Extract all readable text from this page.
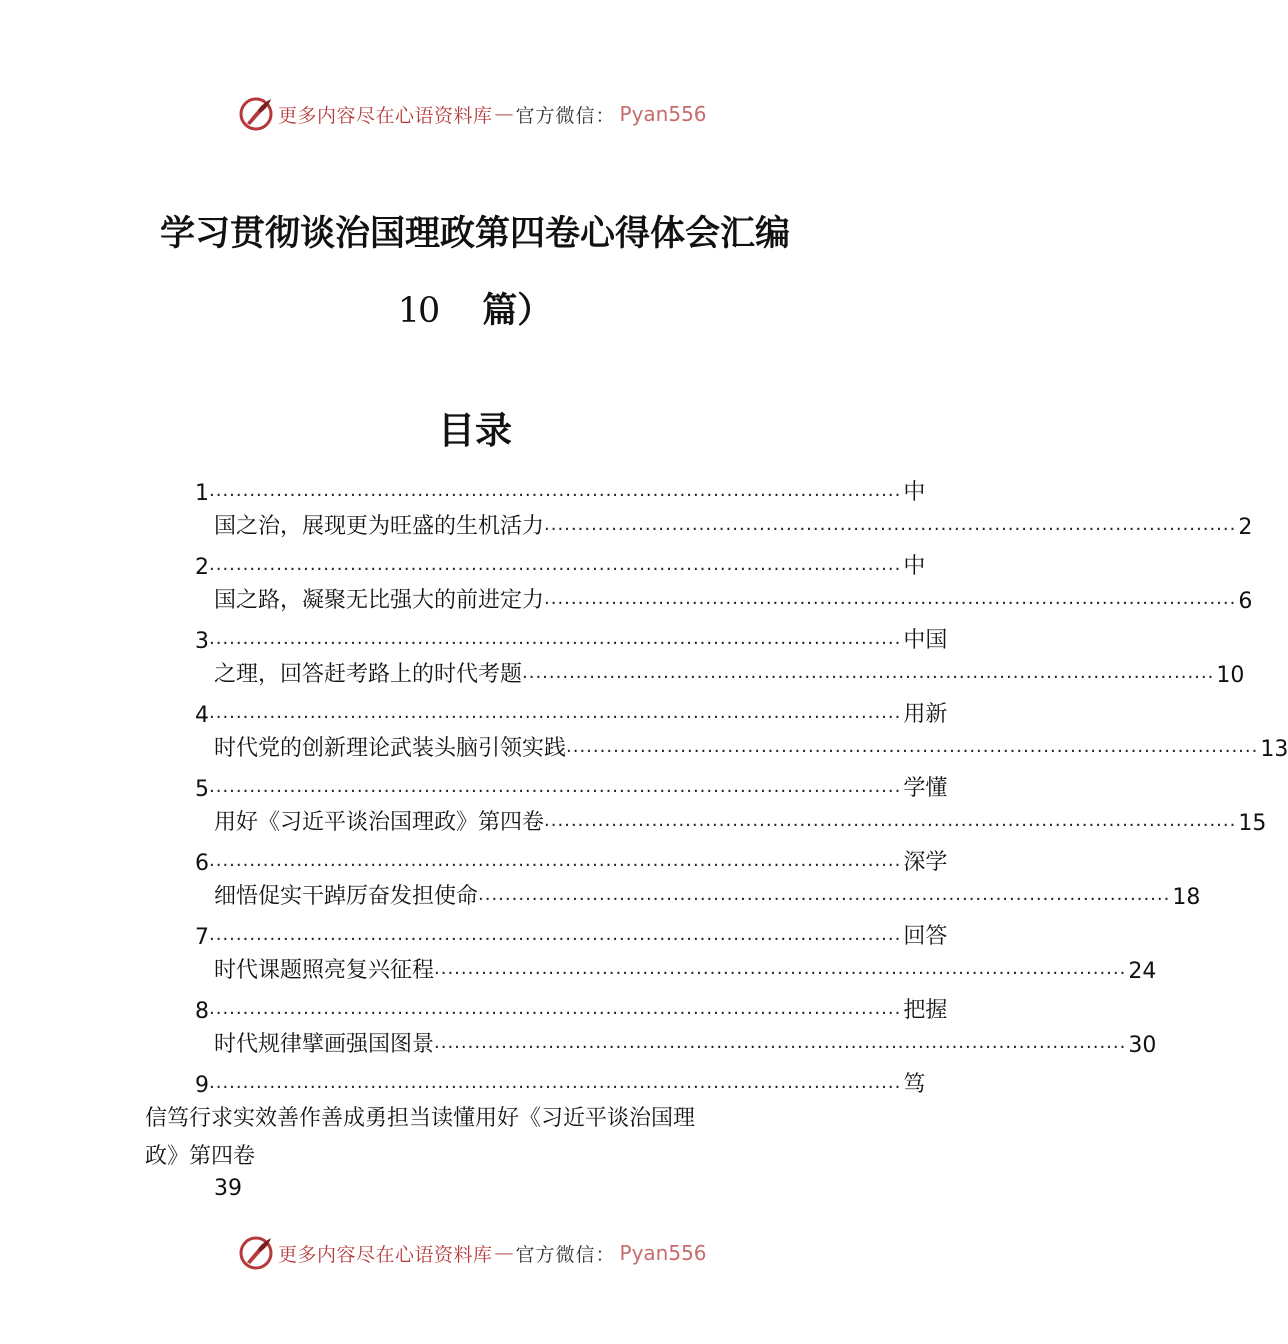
更多内容尽在心语资料库 — 官方微信： Pyan556
学习贯彻谈治国理政第四卷心得体会汇编
10 篇）
目录
1 ....................................................................................................... 中
国之治，展现更为旺盛的生机活力 ....................................................................................................... 2
2 ....................................................................................................... 中
国之路，凝聚无比强大的前进定力 ....................................................................................................... 6
3 ....................................................................................................... 中国
之理，回答赶考路上的时代考题 ....................................................................................................... 10
4 ....................................................................................................... 用新
时代党的创新理论武装头脑引领实践 ....................................................................................................... 13
5 ....................................................................................................... 学懂
用好《习近平谈治国理政》第四卷 ....................................................................................................... 15
6 ....................................................................................................... 深学
细悟促实干踔厉奋发担使命 ....................................................................................................... 18
7 ....................................................................................................... 回答
时代课题照亮复兴征程 ....................................................................................................... 24
8 ....................................................................................................... 把握
时代规律擘画强国图景 ....................................................................................................... 30
9 ....................................................................................................... 笃
信笃行求实效善作善成勇担当读懂用好《习近平谈治国理
政》第四卷
39
更多内容尽在心语资料库 — 官方微信： Pyan556
